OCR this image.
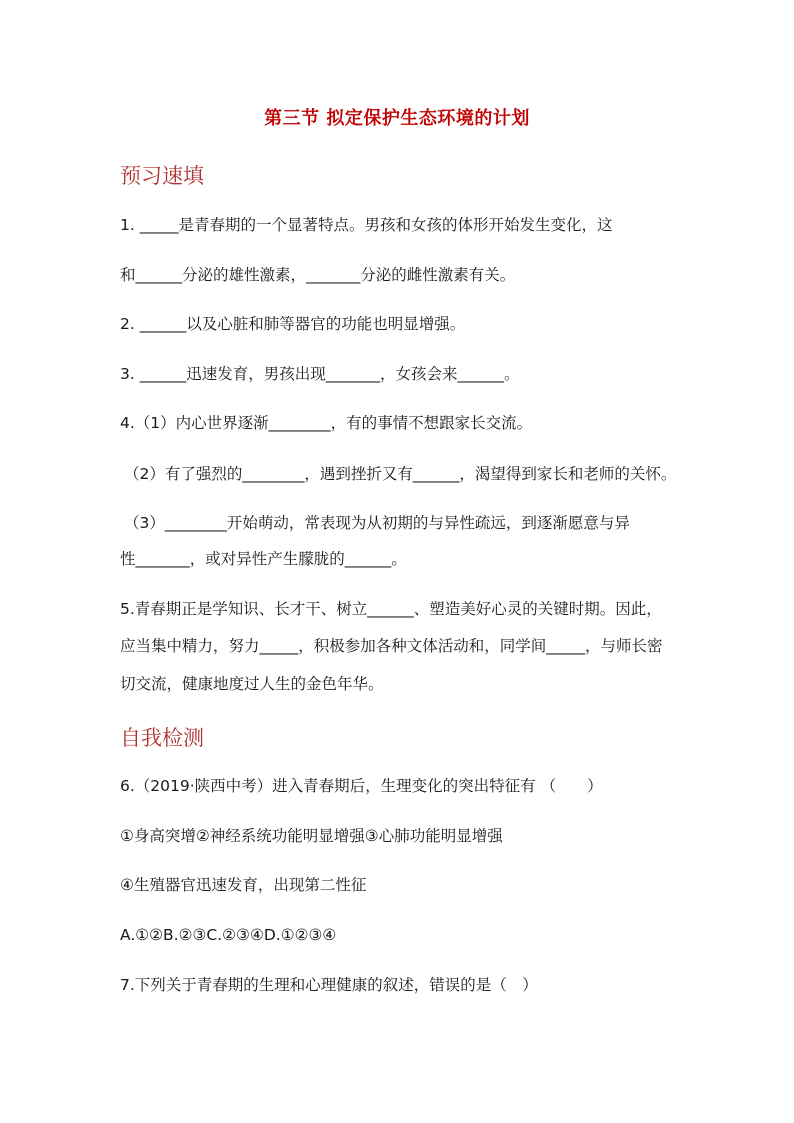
第三节 拟定保护生态环境的计划
预习速填
1. _____是青春期的一个显著特点。男孩和女孩的体形开始发生变化，这
和______分泌的雄性激素，_______分泌的雌性激素有关。
2. ______以及心脏和肺等器官的功能也明显增强。
3. ______迅速发育，男孩出现_______，女孩会来______。
4.（1）内心世界逐渐________，有的事情不想跟家长交流。
（2）有了强烈的________，遇到挫折又有______，渴望得到家长和老师的关怀。
（3）________开始萌动，常表现为从初期的与异性疏远，到逐渐愿意与异
性_______，或对异性产生朦胧的______。
5.青春期正是学知识、长才干、树立______、塑造美好心灵的关键时期。因此，
应当集中精力，努力_____，积极参加各种文体活动和，同学间_____，与师长密
切交流，健康地度过人生的金色年华。
自我检测
6.（2019·陕西中考）进入青春期后，生理变化的突出特征有 （　　）
①身高突增②神经系统功能明显增强③心肺功能明显增强
④生殖器官迅速发育，出现第二性征
A.①②B.②③C.②③④D.①②③④
7.下列关于青春期的生理和心理健康的叙述，错误的是（　）
